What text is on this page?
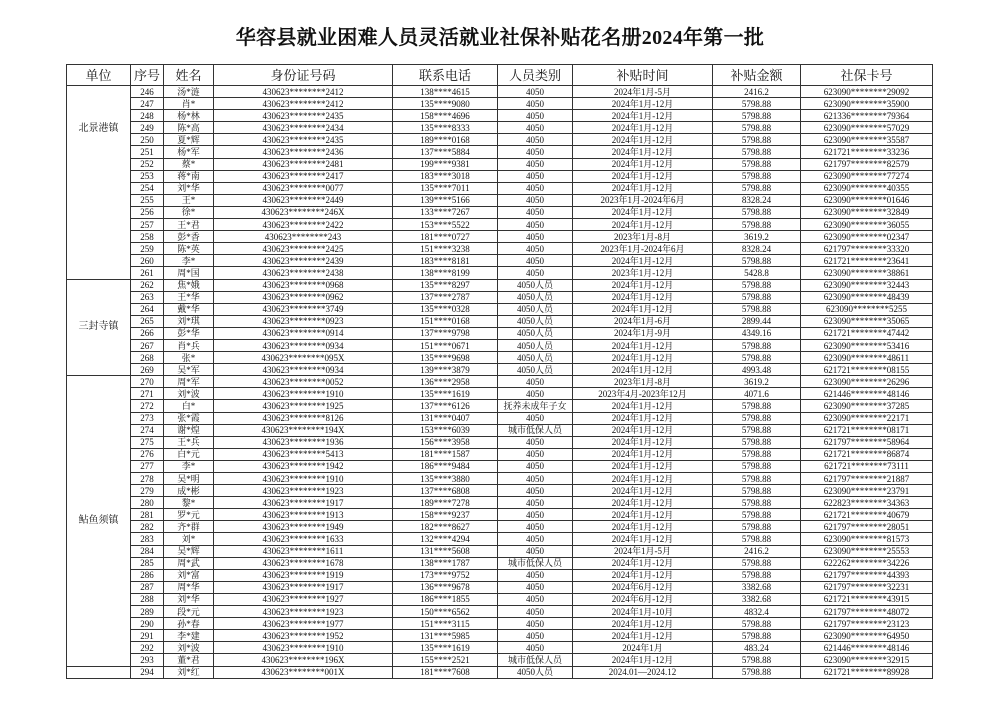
华容县就业困难人员灵活就业社保补贴花名册2024年第一批
单位	序号	姓名	身份证号码	联系电话	人员类别	补贴时间	补贴金额	社保卡号
北景港镇	246	汤*涟	430623********2412	138****4615	4050	2024年1月-5月	2416.2	623090********29092
	247	肖*	430623********2412	135****9080	4050	2024年1月-12月	5798.88	623090********35900
	248	杨*林	430623********2435	158****4696	4050	2024年1月-12月	5798.88	621336********79364
	249	陈*高	430623********2434	135****8333	4050	2024年1月-12月	5798.88	623090********57029
	250	夏*辉	430623********2435	189****0168	4050	2024年1月-12月	5798.88	623090********35587
	251	杨*军	430623********2436	137****5884	4050	2024年1月-12月	5798.88	621721********33236
	252	蔡*	430623********2481	199****9381	4050	2024年1月-12月	5798.88	621797********82579
	253	蒋*南	430623********2417	183****3018	4050	2024年1月-12月	5798.88	623090********77274
	254	刘*华	430623********0077	135****7011	4050	2024年1月-12月	5798.88	623090********40355
	255	王*	430623********2449	139****5166	4050	2023年1月-2024年6月	8328.24	623090********01646
	256	徐*	430623********246X	133****7267	4050	2024年1月-12月	5798.88	623090********32849
	257	王*君	430623********2422	153****5522	4050	2024年1月-12月	5798.88	623090********36055
	258	彭*香	430623********243	181****0727	4050	2023年1月-8月	3619.2	623090********02347
	259	陈*英	430623********2425	151****3238	4050	2023年1月-2024年6月	8328.24	621797********33320
	260	李*	430623********2439	183****8181	4050	2024年1月-12月	5798.88	621721********23641
	261	周*国	430623********2438	138****8199	4050	2023年1月-12月	5428.8	623090********38861
三封寺镇	262	焦*娥	430623********0968	135****8297	4050人员	2024年1月-12月	5798.88	623090********32443
	263	王*华	430623********0962	137****2787	4050人员	2024年1月-12月	5798.88	623090********48439
	264	戴*华	430623********3749	135****0328	4050人员	2024年1月-12月	5798.88	623090********5255
	265	刘*琪	430623********0923	151****0168	4050人员	2024年1月-6月	2899.44	623090********35065
	266	彭*华	430623********0914	137****9798	4050人员	2024年1月-9月	4349.16	621721********47442
	267	肖*兵	430623********0934	151****0671	4050人员	2024年1月-12月	5798.88	623090********53416
	268	张*	430623********095X	135****9698	4050人员	2024年1月-12月	5798.88	623090********48611
	269	吴*军	430623********0934	139****3879	4050人员	2024年1月-12月	4993.48	621721********08155
鲇鱼须镇	270	周*军	430623********0052	136****2958	4050	2023年1月-8月	3619.2	623090********26296
	271	刘*波	430623********1910	135****1619	4050	2023年4月-2023年12月	4071.6	621446********48146
	272	白*	430623********1925	137****6126	抚养未成年子女	2024年1月-12月	5798.88	623090********37285
	273	张*霞	430623********8126	131****0407	4050	2024年1月-12月	5798.88	623090********22171
	274	谢*煌	430623********194X	153****6039	城市低保人员	2024年1月-12月	5798.88	621721********08171
	275	王*兵	430623********1936	156****3958	4050	2024年1月-12月	5798.88	621797********58964
	276	白*元	430623********5413	181****1587	4050	2024年1月-12月	5798.88	621721********86874
	277	李*	430623********1942	186****9484	4050	2024年1月-12月	5798.88	621721********73111
	278	吴*明	430623********1910	135****3880	4050	2024年1月-12月	5798.88	621797********21887
	279	成*彬	430623********1923	137****6808	4050	2024年1月-12月	5798.88	623090********23791
	280	黎*	430623********1917	189****7278	4050	2024年1月-12月	5798.88	622823********34363
	281	罗*元	430623********1913	158****9237	4050	2024年1月-12月	5798.88	621721********40679
	282	齐*群	430623********1949	182****8627	4050	2024年1月-12月	5798.88	621797********28051
	283	刘*	430623********1633	132****4294	4050	2024年1月-12月	5798.88	623090********81573
	284	吴*辉	430623********1611	131****5608	4050	2024年1月-5月	2416.2	623090********25553
	285	周*武	430623********1678	138****1787	城市低保人员	2024年1月-12月	5798.88	622262********34226
	286	刘*富	430623********1919	173****9752	4050	2024年1月-12月	5798.88	621797********44393
	287	周*华	430623********1917	136****9678	4050	2024年6月-12月	3382.68	621797********32231
	288	刘*华	430623********1927	186****1855	4050	2024年6月-12月	3382.68	621721********43915
	289	段*元	430623********1923	150****6562	4050	2024年1月-10月	4832.4	621797********48072
	290	孙*春	430623********1977	151****3115	4050	2024年1月-12月	5798.88	621797********23123
	291	李*建	430623********1952	131****5985	4050	2024年1月-12月	5798.88	623090********64950
	292	刘*波	430623********1910	135****1619	4050	2024年1月	483.24	621446********48146
	293	董*君	430623********196X	155****2521	城市低保人员	2024年1月-12月	5798.88	623090********32915
	294	刘*红	430623********001X	181****7608	4050人员	2024.01—2024.12	5798.88	621721********89928
